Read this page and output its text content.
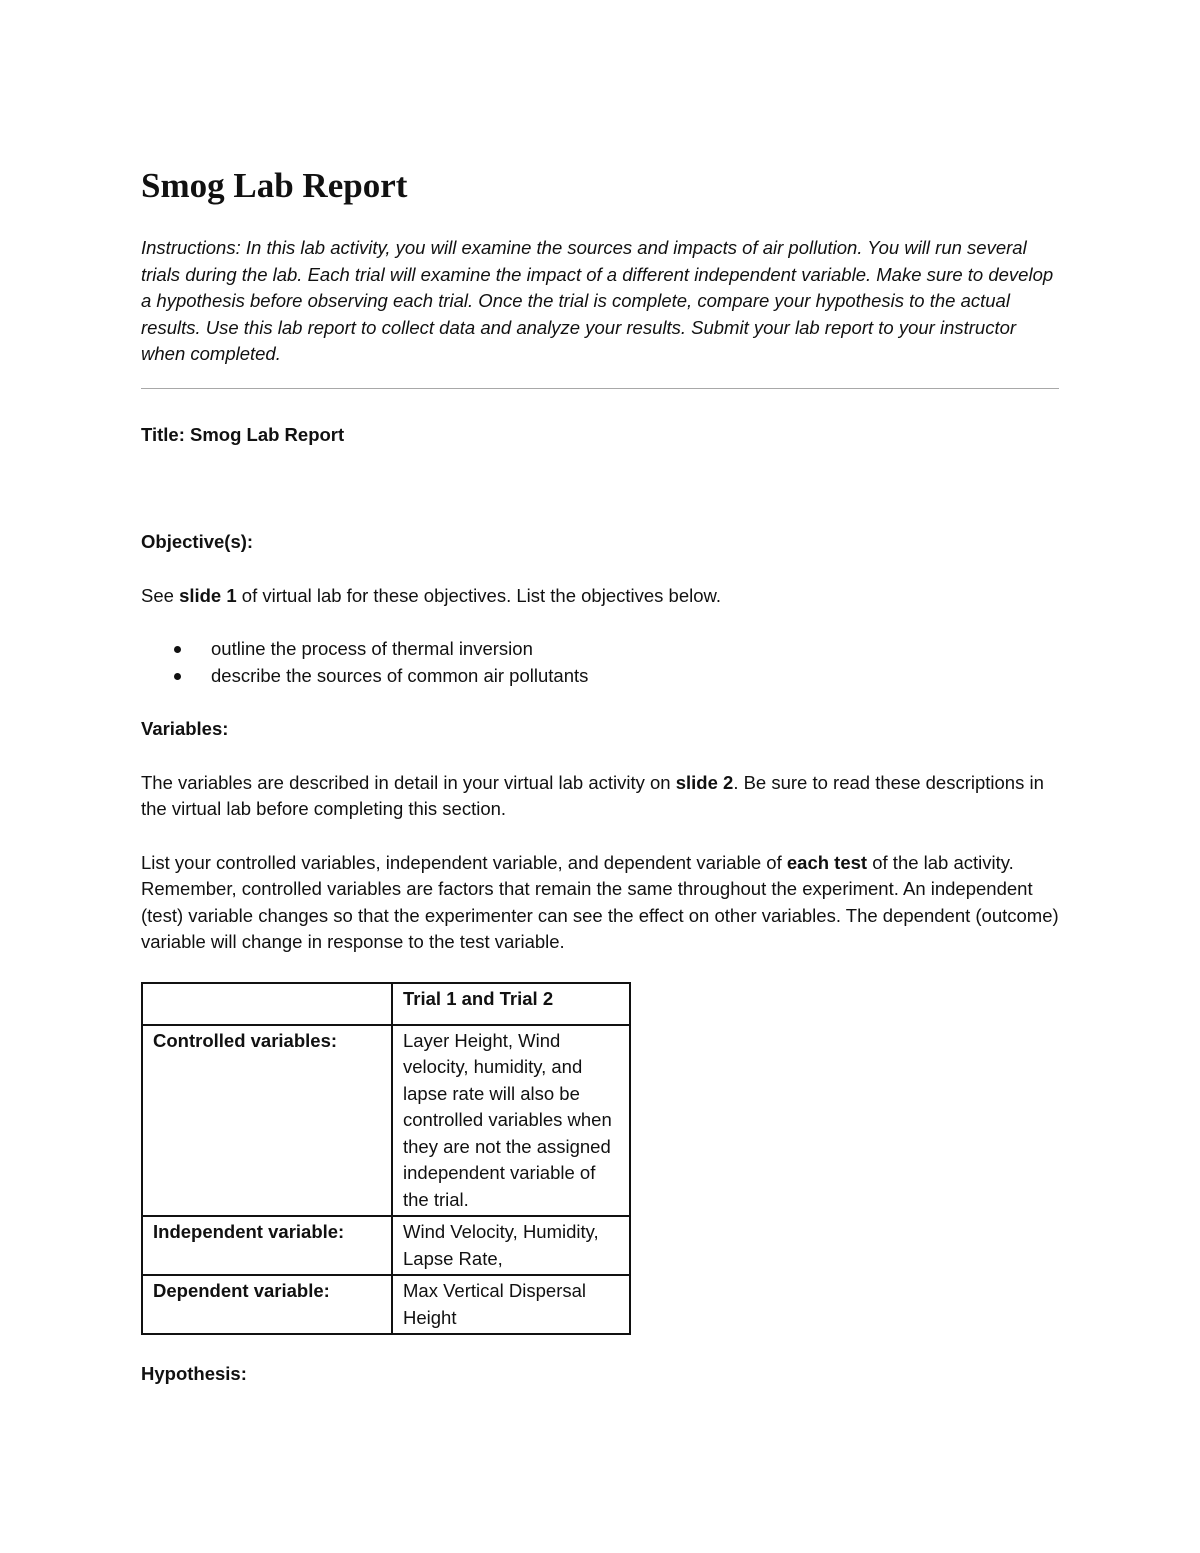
Smog Lab Report

Instructions: In this lab activity, you will examine the sources and impacts of air pollution. You will run several trials during the lab. Each trial will examine the impact of a different independent variable. Make sure to develop a hypothesis before observing each trial. Once the trial is complete, compare your hypothesis to the actual results. Use this lab report to collect data and analyze your results. Submit your lab report to your instructor when completed.

Title: Smog Lab Report

Objective(s):

See slide 1 of virtual lab for these objectives. List the objectives below.

outline the process of thermal inversion
describe the sources of common air pollutants

Variables:

The variables are described in detail in your virtual lab activity on slide 2. Be sure to read these descriptions in the virtual lab before completing this section.

List your controlled variables, independent variable, and dependent variable of each test of the lab activity. Remember, controlled variables are factors that remain the same throughout the experiment. An independent (test) variable changes so that the experimenter can see the effect on other variables. The dependent (outcome) variable will change in response to the test variable.

	Trial 1 and Trial 2
Controlled variables:	Layer Height, Wind velocity, humidity, and lapse rate will also be controlled variables when they are not the assigned independent variable of the trial.
Independent variable:	Wind Velocity, Humidity, Lapse Rate,
Dependent variable:	Max Vertical Dispersal Height

Hypothesis:
